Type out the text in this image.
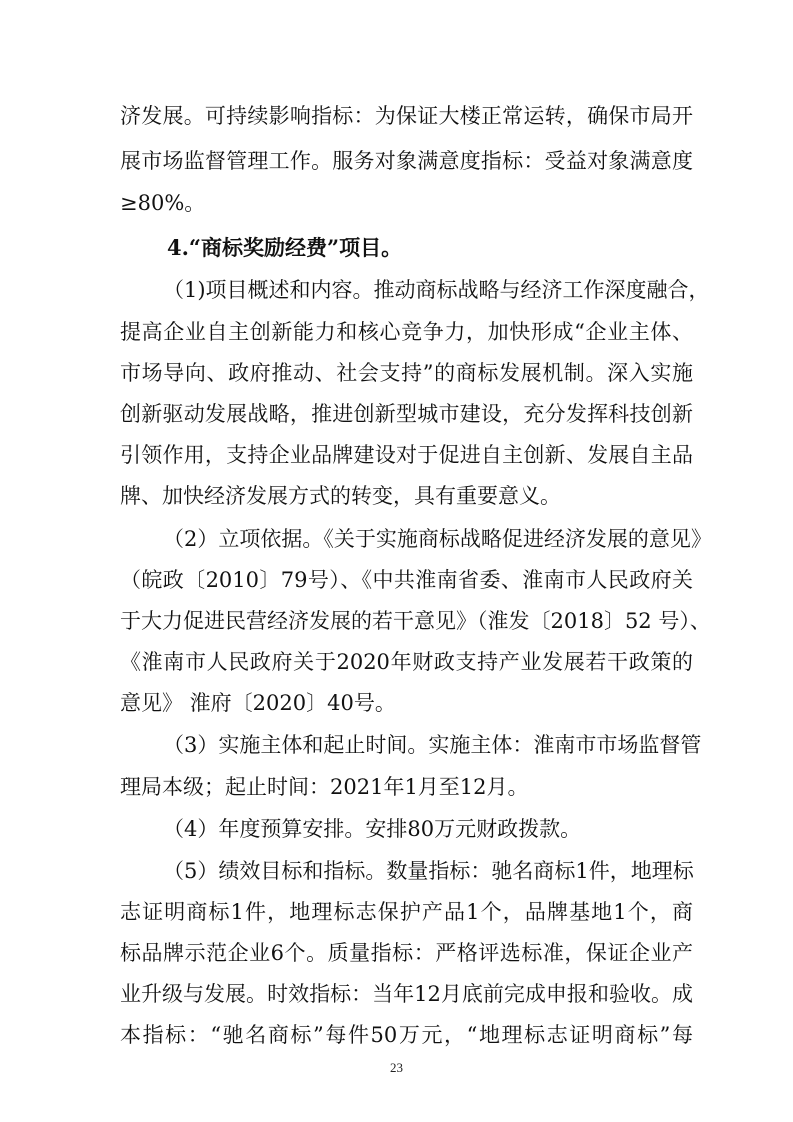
济发展。可持续影响指标：为保证大楼正常运转，确保市局开
展市场监督管理工作。服务对象满意度指标：受益对象满意度
≥80%。
4.“商标奖励经费”项目。
（1)项目概述和内容。推动商标战略与经济工作深度融合，
提高企业自主创新能力和核心竞争力，加快形成“企业主体、
市场导向、政府推动、社会支持”的商标发展机制。深入实施
创新驱动发展战略，推进创新型城市建设，充分发挥科技创新
引领作用，支持企业品牌建设对于促进自主创新、发展自主品
牌、加快经济发展方式的转变，具有重要意义。
（2）立项依据。《关于实施商标战略促进经济发展的意见》
（皖政〔2010〕79号）、《中共淮南省委、淮南市人民政府关
于大力促进民营经济发展的若干意见》（淮发〔2018〕52 号）、
《淮南市人民政府关于2020年财政支持产业发展若干政策的
意见》 淮府〔2020〕40号。
（3）实施主体和起止时间。实施主体：淮南市市场监督管
理局本级；起止时间：2021年1月至12月。
（4）年度预算安排。安排80万元财政拨款。
（5）绩效目标和指标。数量指标：驰名商标1件，地理标
志证明商标1件，地理标志保护产品1个，品牌基地1个，商
标品牌示范企业6个。质量指标：严格评选标准，保证企业产
业升级与发展。时效指标：当年12月底前完成申报和验收。成
本指标：“驰名商标”每件50万元，“地理标志证明商标”每
23
